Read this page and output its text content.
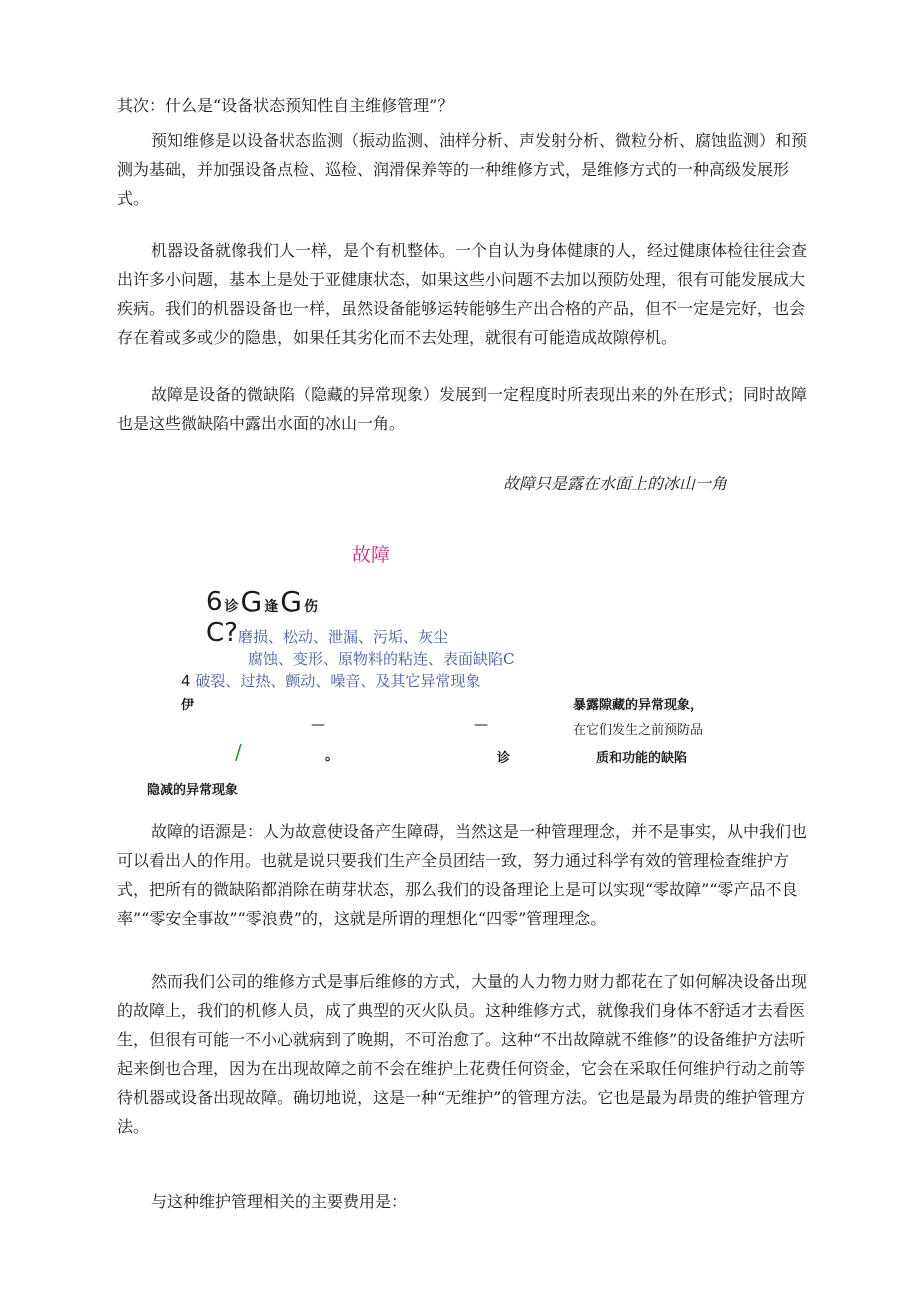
其次：什么是“设备状态预知性自主维修管理”？

预知维修是以设备状态监测（振动监测、油样分析、声发射分析、微粒分析、腐蚀监测）和预测为基础，并加强设备点检、巡检、润滑保养等的一种维修方式，是维修方式的一种高级发展形式。

机器设备就像我们人一样，是个有机整体。一个自认为身体健康的人，经过健康体检往往会查出许多小问题，基本上是处于亚健康状态，如果这些小问题不去加以预防处理，很有可能发展成大疾病。我们的机器设备也一样，虽然设备能够运转能够生产出合格的产品，但不一定是完好，也会存在着或多或少的隐患，如果任其劣化而不去处理，就很有可能造成故隙停机。

故障是设备的微缺陷（隐藏的异常现象）发展到一定程度时所表现出来的外在形式；同时故障也是这些微缺陷中露出水面的冰山一角。

故障只是露在水面上的冰山一角

故障

6 诊 G 逢 G 伤
C? 磨损、松动、泄漏、污垢、灰尘

腐蚀、变形、原物料的粘连、表面缺陷C

4 破裂、过热、颤动、噪音、及其它异常现象

伊	暴露隙藏的异常现象，

—	—	在它们发生之前预防品

/	。	诊	质和功能的缺陷

隐减的异常现象

故障的语源是：人为故意使设备产生障碍，当然这是一种管理理念，并不是事实，从中我们也可以看出人的作用。也就是说只要我们生产全员团结一致，努力通过科学有效的管理检查维护方式，把所有的微缺陷都消除在萌芽状态，那么我们的设备理论上是可以实现“零故障”“零产品不良率”“零安全事故”“零浪费”的，这就是所谓的理想化“四零”管理理念。

然而我们公司的维修方式是事后维修的方式，大量的人力物力财力都花在了如何解决设备出现的故障上，我们的机修人员，成了典型的灭火队员。这种维修方式，就像我们身体不舒适才去看医生，但很有可能一不小心就病到了晚期，不可治愈了。这种“不出故障就不维修”的设备维护方法听起来倒也合理，因为在出现故障之前不会在维护上花费任何资金，它会在采取任何维护行动之前等待机器或设备出现故障。确切地说，这是一种“无维护”的管理方法。它也是最为昂贵的维护管理方法。

与这种维护管理相关的主要费用是：
